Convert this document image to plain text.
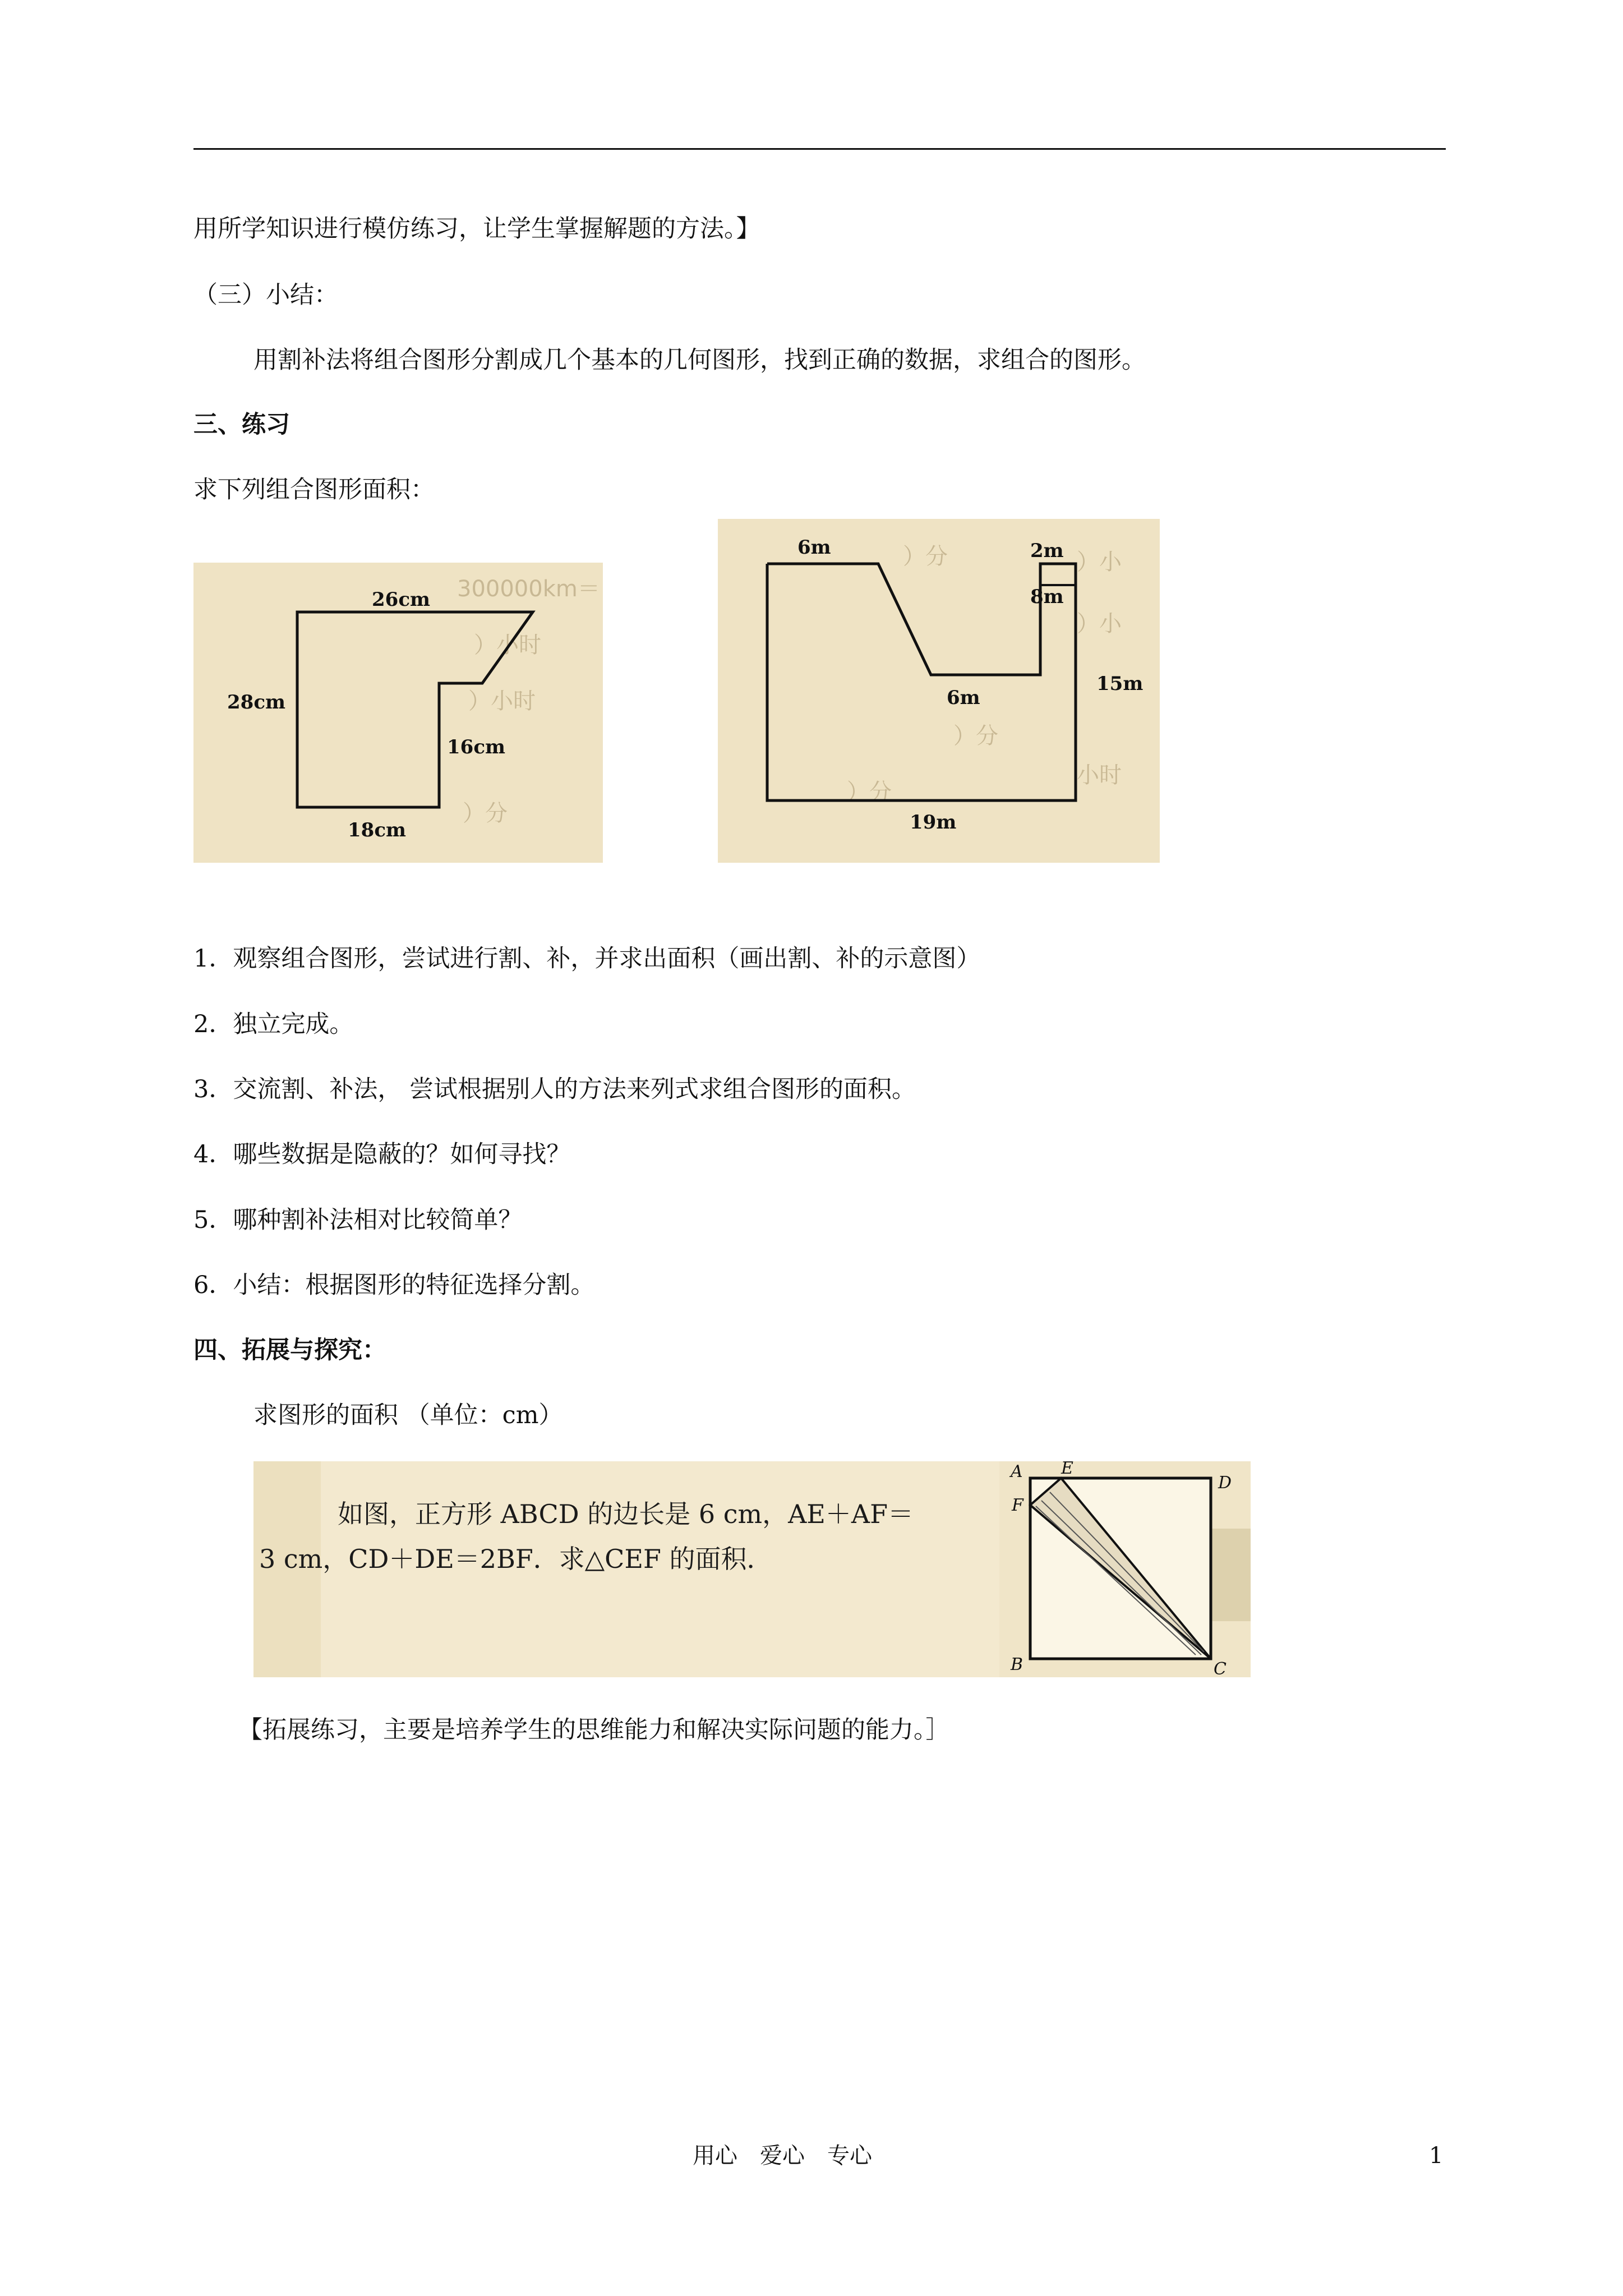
用所学知识进行模仿练习，让学生掌握解题的方法。】

（三）小结：

用割补法将组合图形分割成几个基本的几何图形，找到正确的数据，求组合的图形。

三、练习

求下列组合图形面积：

300000km＝
）小时
）小时
）分
26cm
28cm
16cm
18cm
）分	）小
）小
）分
小时
）分
6m	2m
8m
6m
15m
19m

1．观察组合图形，尝试进行割、补，并求出面积（画出割、补的示意图）

2．独立完成。

3．交流割、补法， 尝试根据别人的方法来列式求组合图形的面积。

4．哪些数据是隐蔽的？如何寻找？

5．哪种割补法相对比较简单？

6．小结：根据图形的特征选择分割。

四、拓展与探究：

求图形的面积 （单位：cm）

如图，正方形 ABCD 的边长是 6 cm，AE＋AF＝
3 cm，CD＋DE＝2BF．求△CEF 的面积．
A E
D
F
B	C

【拓展练习，主要是培养学生的思维能力和解决实际问题的能力。］

用心　爱心　专心	1
